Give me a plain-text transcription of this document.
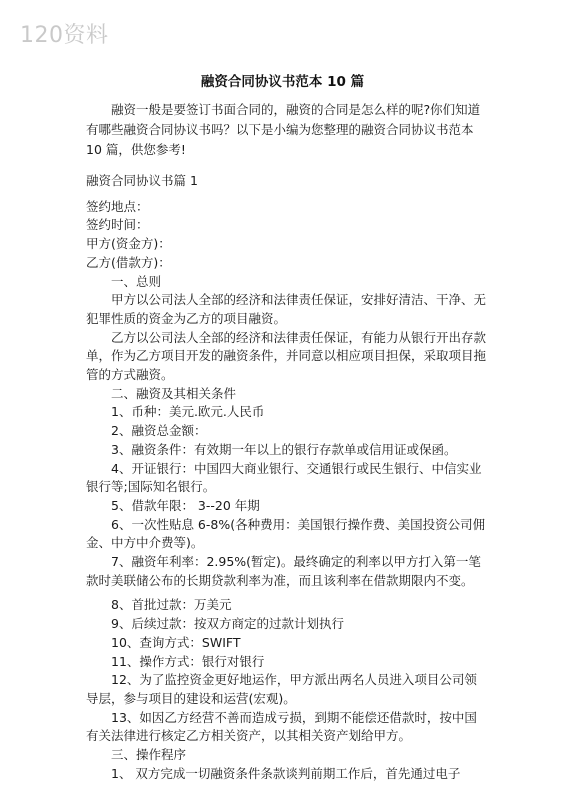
120资料
融资合同协议书范本 10 篇

融资一般是要签订书面合同的，融资的合同是怎么样的呢?你们知道有哪些融资合同协议书吗？以下是小编为您整理的融资合同协议书范本 10 篇，供您参考!

融资合同协议书篇 1

签约地点：

签约时间：

甲方(资金方)：

乙方(借款方)：

一、总则

甲方以公司法人全部的经济和法律责任保证，安排好清洁、干净、无犯罪性质的资金为乙方的项目融资。

乙方以公司法人全部的经济和法律责任保证，有能力从银行开出存款单，作为乙方项目开发的融资条件，并同意以相应项目担保，采取项目拖管的方式融资。

二、融资及其相关条件

1、币种：美元.欧元.人民币

2、融资总金额：

3、融资条件：有效期一年以上的银行存款单或信用证或保函。

4、开证银行：中国四大商业银行、交通银行或民生银行、中信实业银行等;国际知名银行。

5、借款年限： 3--20 年期

6、一次性贴息 6-8%(各种费用：美国银行操作费、美国投资公司佣金、中方中介费等)。

7、融资年利率：2.95%(暂定)。最终确定的利率以甲方打入第一笔款时美联储公布的长期贷款利率为准，而且该利率在借款期限内不变。

8、首批过款：万美元

9、后续过款：按双方商定的过款计划执行

10、查询方式：SWIFT

11、操作方式：银行对银行

12、为了监控资金更好地运作，甲方派出两名人员进入项目公司领导层，参与项目的建设和运营(宏观)。

13、如因乙方经营不善而造成亏损，到期不能偿还借款时，按中国有关法律进行核定乙方相关资产，以其相关资产划给甲方。

三、操作程序

1、 双方完成一切融资条件条款谈判前期工作后，首先通过电子
